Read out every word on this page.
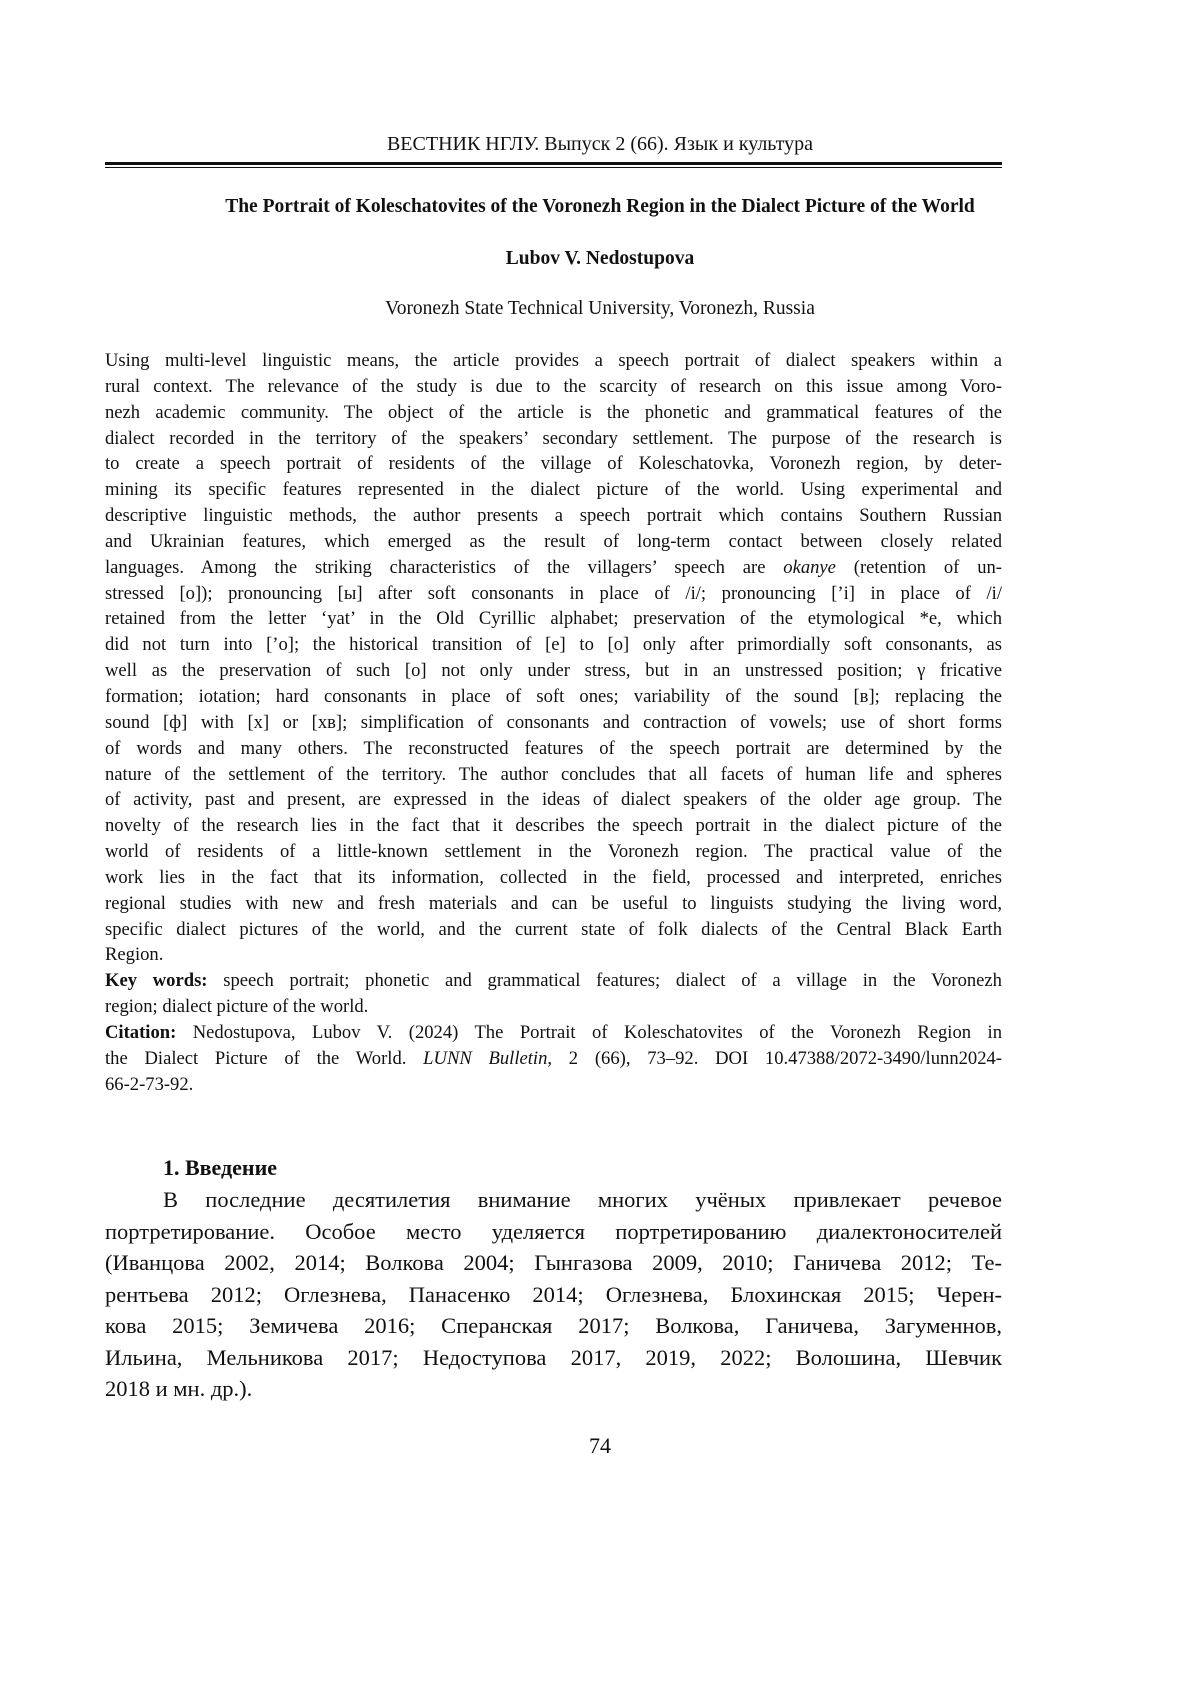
ВЕСТНИК НГЛУ. Выпуск 2 (66). Язык и культура
The Portrait of Koleschatovites of the Voronezh Region in the Dialect Picture of the World
Lubov V. Nedostupova
Voronezh State Technical University, Voronezh, Russia
Using multi-level linguistic means, the article provides a speech portrait of dialect speakers within a
rural context. The relevance of the study is due to the scarcity of research on this issue among Voro-
nezh academic community. The object of the article is the phonetic and grammatical features of the
dialect recorded in the territory of the speakers’ secondary settlement. The purpose of the research is
to create a speech portrait of residents of the village of Koleschatovka, Voronezh region, by deter-
mining its specific features represented in the dialect picture of the world. Using experimental and
descriptive linguistic methods, the author presents a speech portrait which contains Southern Russian
and Ukrainian features, which emerged as the result of long-term contact between closely related
languages. Among the striking characteristics of the villagers’ speech are okanye (retention of un-
stressed [o]); pronouncing [ы] after soft consonants in place of /i/; pronouncing [’i] in place of /i/
retained from the letter ‘yat’ in the Old Cyrillic alphabet; preservation of the etymological *e, which
did not turn into [’o]; the historical transition of [e] to [o] only after primordially soft consonants, as
well as the preservation of such [o] not only under stress, but in an unstressed position; γ fricative
formation; iotation; hard consonants in place of soft ones; variability of the sound [в]; replacing the
sound [ф] with [x] or [хв]; simplification of consonants and contraction of vowels; use of short forms
of words and many others. The reconstructed features of the speech portrait are determined by the
nature of the settlement of the territory. The author concludes that all facets of human life and spheres
of activity, past and present, are expressed in the ideas of dialect speakers of the older age group. The
novelty of the research lies in the fact that it describes the speech portrait in the dialect picture of the
world of residents of a little-known settlement in the Voronezh region. The practical value of the
work lies in the fact that its information, collected in the field, processed and interpreted, enriches
regional studies with new and fresh materials and can be useful to linguists studying the living word,
specific dialect pictures of the world, and the current state of folk dialects of the Central Black Earth
Region.
Key words: speech portrait; phonetic and grammatical features; dialect of a village in the Voronezh
region; dialect picture of the world.
Citation: Nedostupova, Lubov V. (2024) The Portrait of Koleschatovites of the Voronezh Region in
the Dialect Picture of the World. LUNN Bulletin, 2 (66), 73–92. DOI 10.47388/2072-3490/lunn2024-
66-2-73-92.
1. Введение
В последние десятилетия внимание многих учёных привлекает речевое
портретирование. Особое место уделяется портретированию диалектоносителей
(Иванцова 2002, 2014; Волкова 2004; Гынгазова 2009, 2010; Ганичева 2012; Те-
рентьева 2012; Оглезнева, Панасенко 2014; Оглезнева, Блохинская 2015; Черен-
кова 2015; Земичева 2016; Сперанская 2017; Волкова, Ганичева, Загуменнов,
Ильина, Мельникова 2017; Недоступова 2017, 2019, 2022; Волошина, Шевчик
2018 и мн. др.).
74
